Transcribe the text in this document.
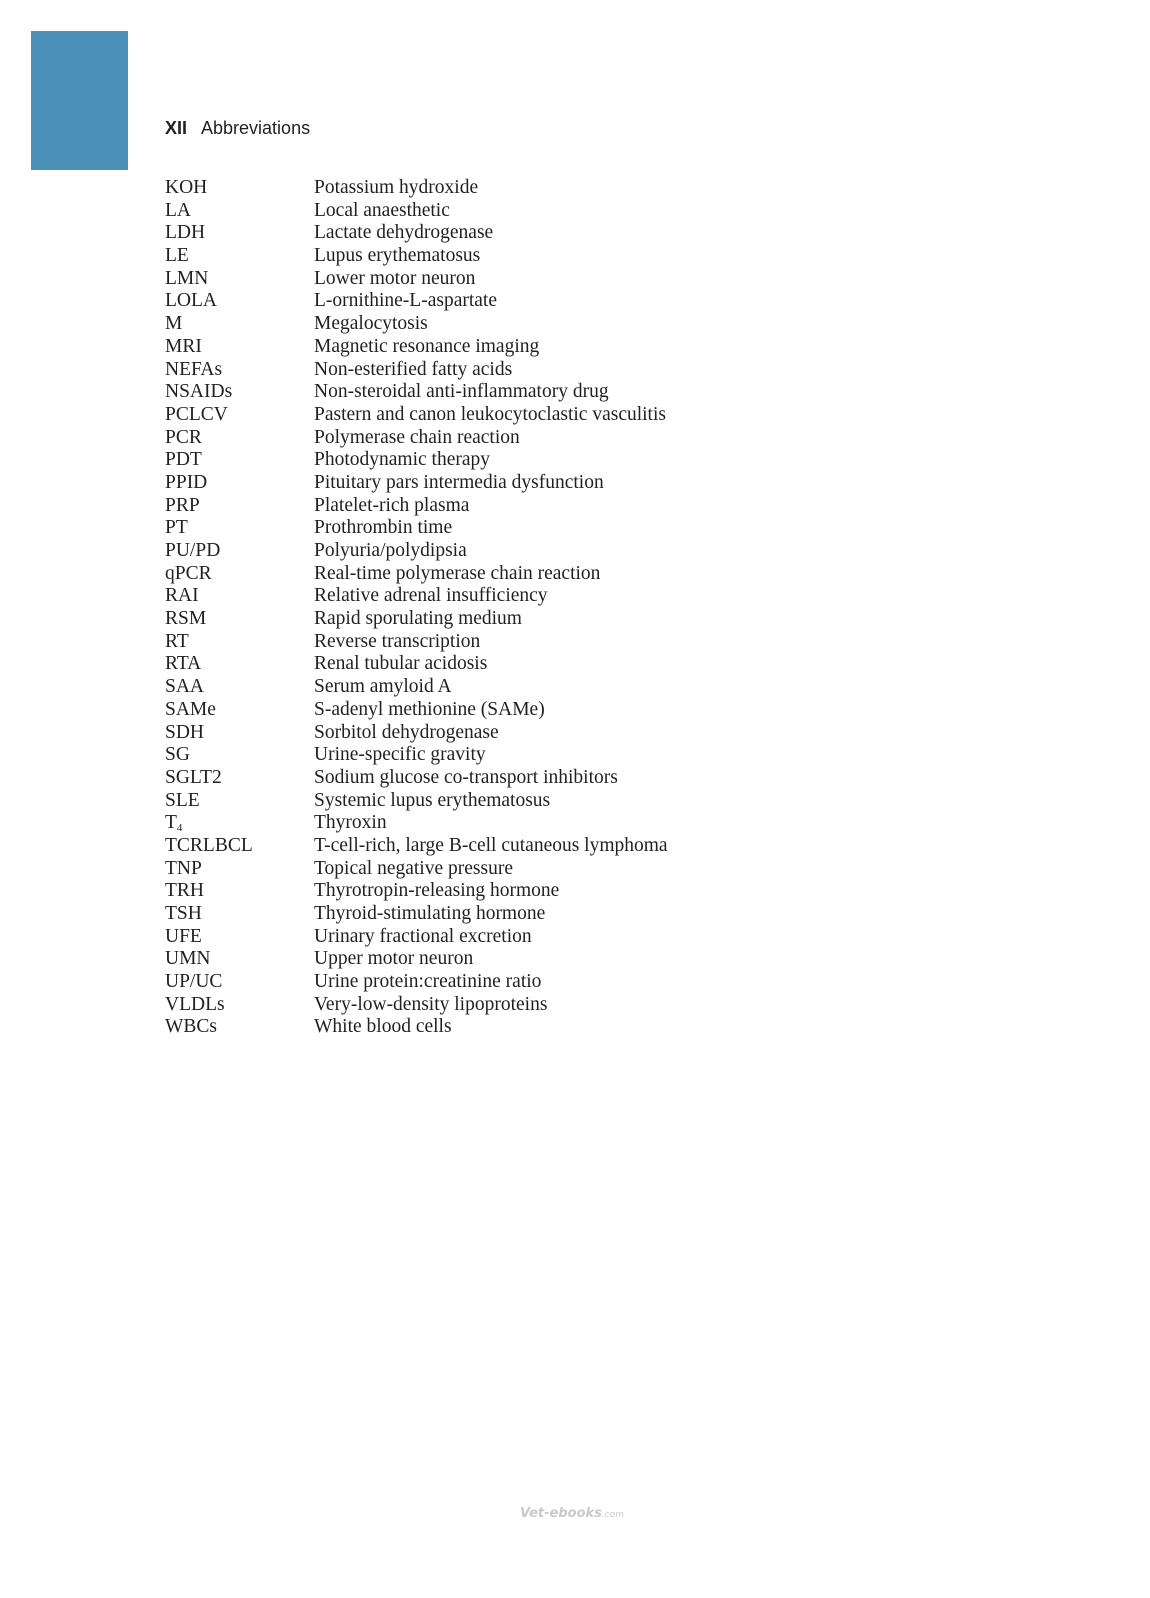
XII Abbreviations
KOH	Potassium hydroxide
LA	Local anaesthetic
LDH	Lactate dehydrogenase
LE	Lupus erythematosus
LMN	Lower motor neuron
LOLA	L-ornithine-L-aspartate
M	Megalocytosis
MRI	Magnetic resonance imaging
NEFAs	Non-esterified fatty acids
NSAIDs	Non-steroidal anti-inflammatory drug
PCLCV	Pastern and canon leukocytoclastic vasculitis
PCR	Polymerase chain reaction
PDT	Photodynamic therapy
PPID	Pituitary pars intermedia dysfunction
PRP	Platelet-rich plasma
PT	Prothrombin time
PU/PD	Polyuria/polydipsia
qPCR	Real-time polymerase chain reaction
RAI	Relative adrenal insufficiency
RSM	Rapid sporulating medium
RT	Reverse transcription
RTA	Renal tubular acidosis
SAA	Serum amyloid A
SAMe	S-adenyl methionine (SAMe)
SDH	Sorbitol dehydrogenase
SG	Urine-specific gravity
SGLT2	Sodium glucose co-transport inhibitors
SLE	Systemic lupus erythematosus
$T_4$	Thyroxin
TCRLBCL	T-cell-rich, large B-cell cutaneous lymphoma
TNP	Topical negative pressure
TRH	Thyrotropin-releasing hormone
TSH	Thyroid-stimulating hormone
UFE	Urinary fractional excretion
UMN	Upper motor neuron
UP/UC	Urine protein:creatinine ratio
VLDLs	Very-low-density lipoproteins
WBCs	White blood cells
Vet-ebooks.com
